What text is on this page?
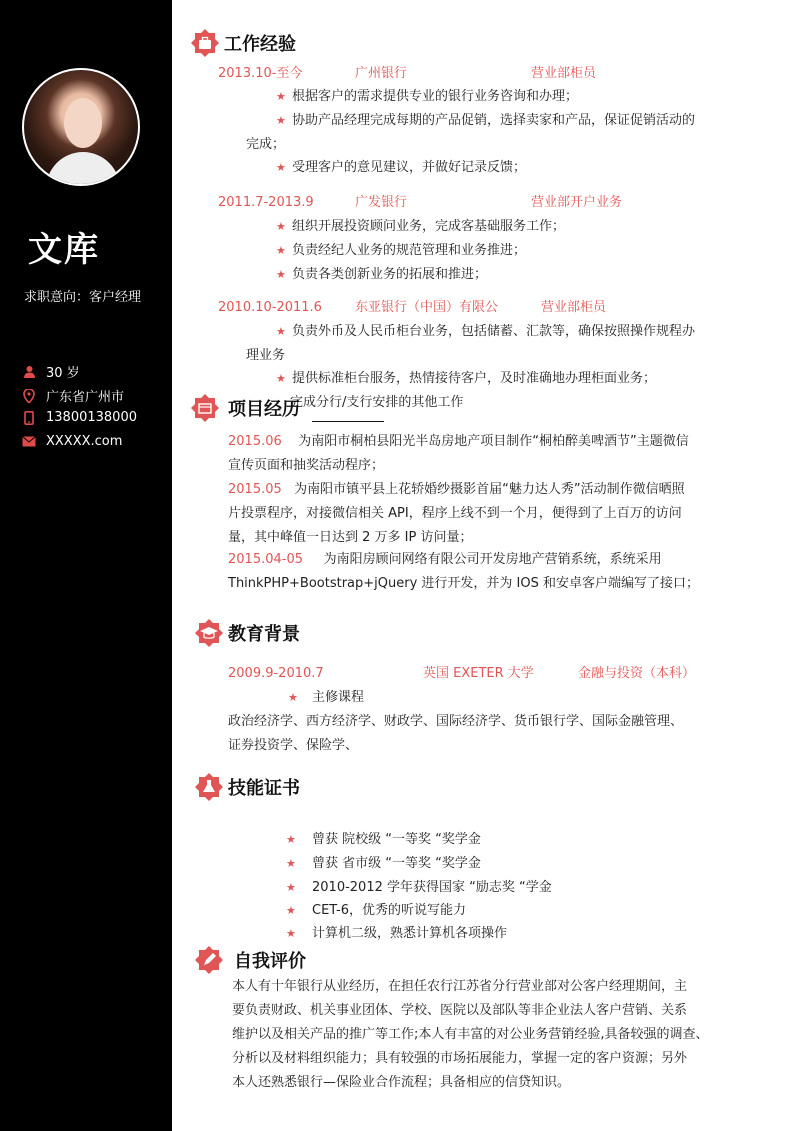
文库
求职意向：客户经理
30 岁
广东省广州市
13800138000
XXXXX.com
工作经验
2013.10-至今	广州银行	营业部柜员
★ 根据客户的需求提供专业的银行业务咨询和办理；
★ 协助产品经理完成每期的产品促销，选择卖家和产品，保证促销活动的
完成；
★ 受理客户的意见建议，并做好记录反馈；
2011.7-2013.9	广发银行	营业部开户业务
★ 组织开展投资顾问业务，完成客基础服务工作；
★ 负责经纪人业务的规范管理和业务推进；
★ 负责各类创新业务的拓展和推进；
2010.10-2011.6	东亚银行（中国）有限公	营业部柜员
★ 负责外币及人民币柜台业务，包括储蓄、汇款等，确保按照操作规程办
理业务
★ 提供标准柜台服务，热情接待客户，及时准确地办理柜面业务；
完成分行/支行安排的其他工作
项目经历
2015.06 为南阳市桐柏县阳光半岛房地产项目制作“桐柏醉美啤酒节”主题微信
宣传页面和抽奖活动程序；
2015.05 为南阳市镇平县上花轿婚纱摄影首届“魅力达人秀”活动制作微信晒照
片投票程序，对接微信相关 API，程序上线不到一个月，便得到了上百万的访问
量，其中峰值一日达到 2 万多 IP 访问量；
2015.04-05 为南阳房顾问网络有限公司开发房地产营销系统，系统采用
ThinkPHP+Bootstrap+jQuery 进行开发，并为 IOS 和安卓客户端编写了接口；
教育背景
2009.9-2010.7	英国 EXETER 大学	金融与投资（本科）
★ 主修课程
政治经济学、西方经济学、财政学、国际经济学、货币银行学、国际金融管理、
证券投资学、保险学、
技能证书
★ 曾获 院校级 “一等奖 “奖学金
★ 曾获 省市级 “一等奖 “奖学金
★ 2010-2012 学年获得国家 “励志奖 “学金
★ CET-6，优秀的听说写能力
★ 计算机二级，熟悉计算机各项操作
自我评价
本人有十年银行从业经历，在担任农行江苏省分行营业部对公客户经理期间，主
要负责财政、机关事业团体、学校、医院以及部队等非企业法人客户营销、关系
维护以及相关产品的推广等工作;本人有丰富的对公业务营销经验,具备较强的调查、
分析以及材料组织能力；具有较强的市场拓展能力，掌握一定的客户资源；另外
本人还熟悉银行—保险业合作流程；具备相应的信贷知识。
